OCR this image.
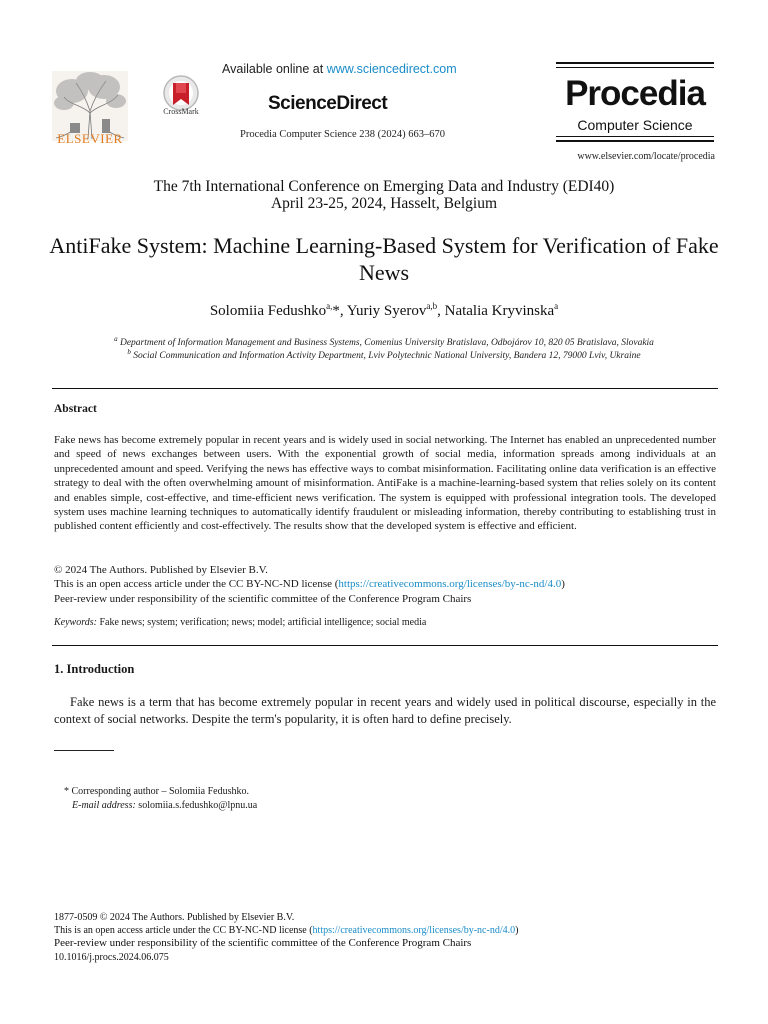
ELSEVIER
CrossMark
Available online at www.sciencedirect.com
ScienceDirect
Procedia Computer Science 238 (2024) 663–670
Procedia
Computer Science
www.elsevier.com/locate/procedia
The 7th International Conference on Emerging Data and Industry (EDI40)
April 23-25, 2024, Hasselt, Belgium
AntiFake System: Machine Learning-Based System for Verification of Fake News
Solomiia Fedushko$^{a,}$*, Yuriy Syerov$^{a,b}$, Natalia Kryvinska$^a$
$^a$ Department of Information Management and Business Systems, Comenius University Bratislava, Odbojárov 10, 820 05 Bratislava, Slovakia
$^b$ Social Communication and Information Activity Department, Lviv Polytechnic National University, Bandera 12, 79000 Lviv, Ukraine
Abstract
Fake news has become extremely popular in recent years and is widely used in social networking. The Internet has enabled an unprecedented number and speed of news exchanges between users. With the exponential growth of social media, information spreads among individuals at an unprecedented amount and speed. Verifying the news has effective ways to combat misinformation. Facilitating online data verification is an effective strategy to deal with the often overwhelming amount of misinformation. AntiFake is a machine-learning-based system that relies solely on its content and enables simple, cost-effective, and time-efficient news verification. The system is equipped with professional integration tools. The developed system uses machine learning techniques to automatically identify fraudulent or misleading information, thereby contributing to establishing trust in published content efficiently and cost-effectively. The results show that the developed system is effective and efficient.
© 2024 The Authors. Published by Elsevier B.V.
This is an open access article under the CC BY-NC-ND license (https://creativecommons.org/licenses/by-nc-nd/4.0)
Peer-review under responsibility of the scientific committee of the Conference Program Chairs
Keywords: Fake news; system; verification; news; model; artificial intelligence; social media
1. Introduction
Fake news is a term that has become extremely popular in recent years and widely used in political discourse, especially in the context of social networks. Despite the term's popularity, it is often hard to define precisely.
* Corresponding author – Solomiia Fedushko.
E-mail address: solomiia.s.fedushko@lpnu.ua
1877-0509 © 2024 The Authors. Published by Elsevier B.V.
This is an open access article under the CC BY-NC-ND license (https://creativecommons.org/licenses/by-nc-nd/4.0)
Peer-review under responsibility of the scientific committee of the Conference Program Chairs
10.1016/j.procs.2024.06.075
